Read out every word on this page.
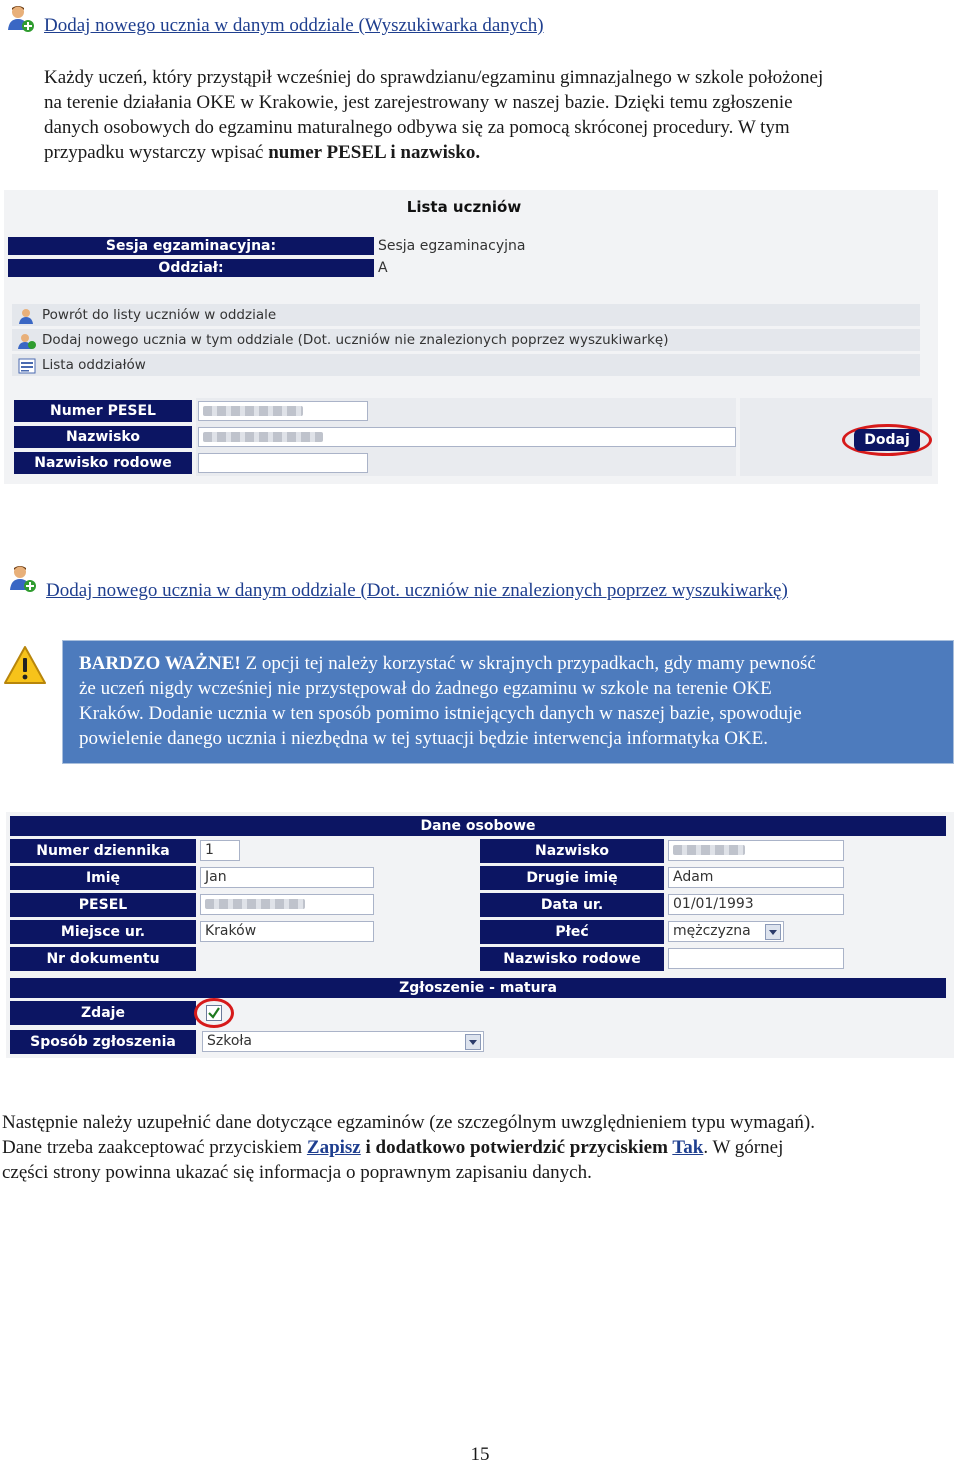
Dodaj nowego ucznia w danym oddziale (Wyszukiwarka danych)

Każdy uczeń, który przystąpił wcześniej do sprawdzianu/egzaminu gimnazjalnego w szkole położonej

na terenie działania OKE w Krakowie, jest zarejestrowany w naszej bazie. Dzięki temu zgłoszenie

danych osobowych do egzaminu maturalnego odbywa się za pomocą skróconej procedury. W tym

przypadku wystarczy wpisać numer PESEL i nazwisko.

Lista uczniów
Sesja egzaminacyjna:	Sesja egzaminacyjna
Oddział:	A
Powrót do listy uczniów w oddziale
Dodaj nowego ucznia w tym oddziale (Dot. uczniów nie znalezionych poprzez wyszukiwarkę)
Lista oddziałów
Numer PESEL
Nazwisko
Nazwisko rodowe
Dodaj
Dodaj nowego ucznia w danym oddziale (Dot. uczniów nie znalezionych poprzez wyszukiwarkę)
BARDZO WAŻNE! Z opcji tej należy korzystać w skrajnych przypadkach, gdy mamy pewność
że uczeń nigdy wcześniej nie przystępował do żadnego egzaminu w szkole na terenie OKE
Kraków. Dodanie ucznia w ten sposób pomimo istniejących danych w naszej bazie, spowoduje
powielenie danego ucznia i niezbędna w tej sytuacji będzie interwencja informatyka OKE.
Dane osobowe
Numer dziennika	1
Imię	Jan
PESEL
Miejsce ur.	Kraków
Nr dokumentu
Nazwisko
Drugie imię	Adam
Data ur.	01/01/1993
Płeć	mężczyzna
Nazwisko rodowe
Zgłoszenie - matura
Zdaje
Sposób zgłoszenia	Szkoła

Następnie należy uzupełnić dane dotyczące egzaminów (ze szczególnym uwzględnieniem typu wymagań).

Dane trzeba zaakceptować przyciskiem Zapisz i dodatkowo potwierdzić przyciskiem Tak. W górnej

części strony powinna ukazać się informacja o poprawnym zapisaniu danych.

15
